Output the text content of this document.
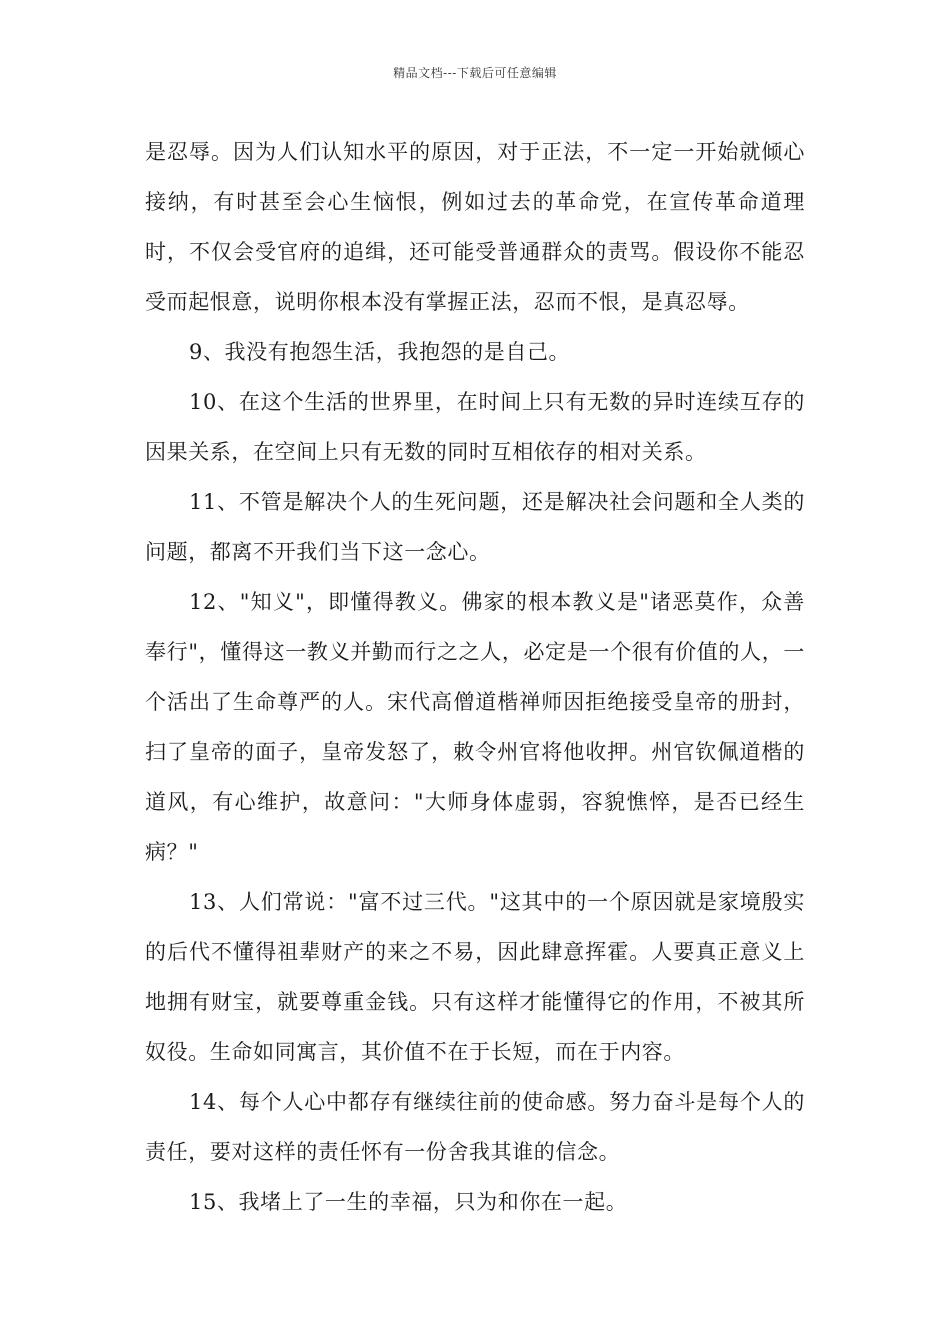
精品文档---下载后可任意编辑

是忍辱。因为人们认知水平的原因，对于正法，不一定一开始就倾心接纳，有时甚至会心生恼恨，例如过去的革命党，在宣传革命道理时，不仅会受官府的追缉，还可能受普通群众的责骂。假设你不能忍受而起恨意，说明你根本没有掌握正法，忍而不恨，是真忍辱。

9、我没有抱怨生活，我抱怨的是自己。

10、在这个生活的世界里，在时间上只有无数的异时连续互存的因果关系，在空间上只有无数的同时互相依存的相对关系。

11、不管是解决个人的生死问题，还是解决社会问题和全人类的问题，都离不开我们当下这一念心。

12、"知义"，即懂得教义。佛家的根本教义是"诸恶莫作，众善奉行"，懂得这一教义并勤而行之之人，必定是一个很有价值的人，一个活出了生命尊严的人。宋代高僧道楷禅师因拒绝接受皇帝的册封，扫了皇帝的面子，皇帝发怒了，敕令州官将他收押。州官钦佩道楷的道风，有心维护，故意问："大师身体虚弱，容貌憔悴，是否已经生病？"

13、人们常说："富不过三代。"这其中的一个原因就是家境殷实的后代不懂得祖辈财产的来之不易，因此肆意挥霍。人要真正意义上地拥有财宝，就要尊重金钱。只有这样才能懂得它的作用，不被其所奴役。生命如同寓言，其价值不在于长短，而在于内容。

14、每个人心中都存有继续往前的使命感。努力奋斗是每个人的责任，要对这样的责任怀有一份舍我其谁的信念。

15、我堵上了一生的幸福，只为和你在一起。
